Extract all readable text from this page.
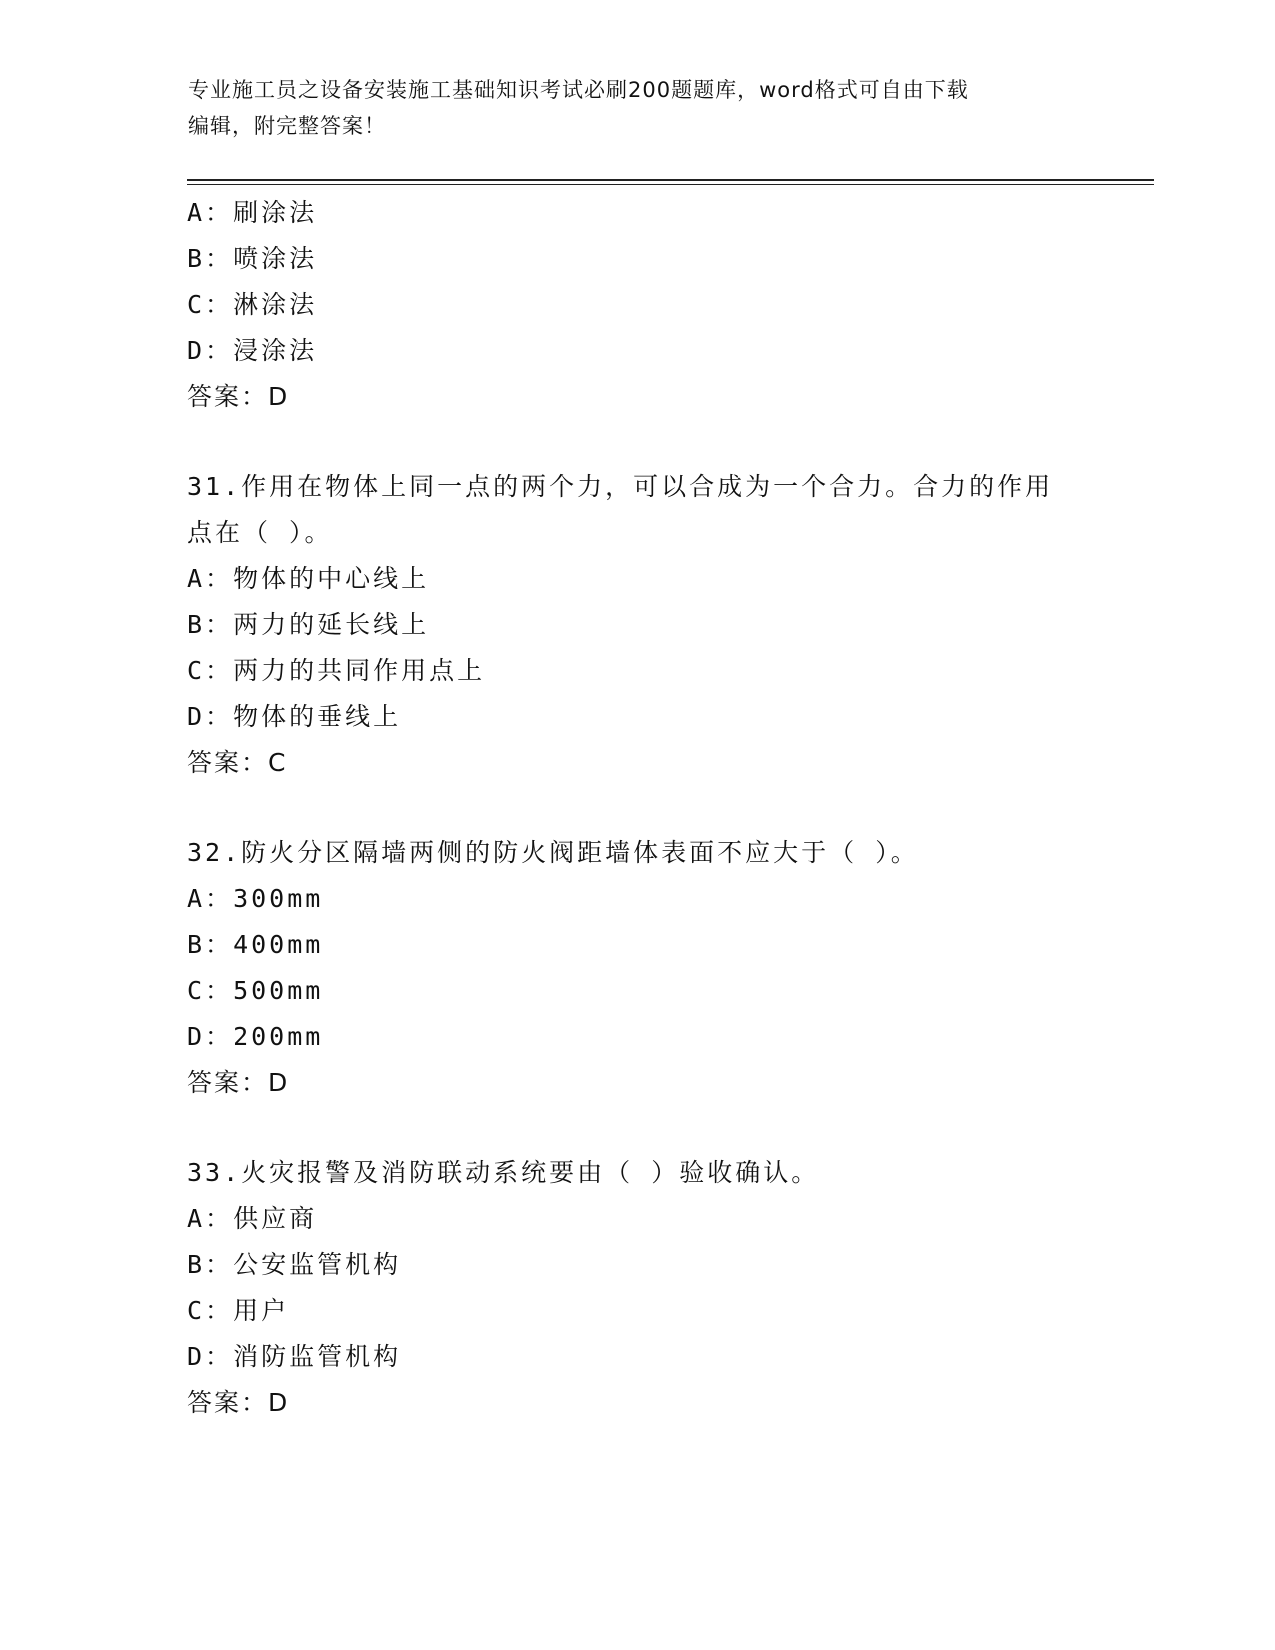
专业施工员之设备安装施工基础知识考试必刷200题题库，word格式可自由下载
编辑，附完整答案！
A：刷涂法
B：喷涂法
C：淋涂法
D：浸涂法
答案：D
31.作用在物体上同一点的两个力，可以合成为一个合力。合力的作用
点在（ ）。
A：物体的中心线上
B：两力的延长线上
C：两力的共同作用点上
D：物体的垂线上
答案：C
32.防火分区隔墙两侧的防火阀距墙体表面不应大于（ ）。
A：300mm
B：400mm
C：500mm
D：200mm
答案：D
33.火灾报警及消防联动系统要由（ ）验收确认。
A：供应商
B：公安监管机构
C：用户
D：消防监管机构
答案：D
